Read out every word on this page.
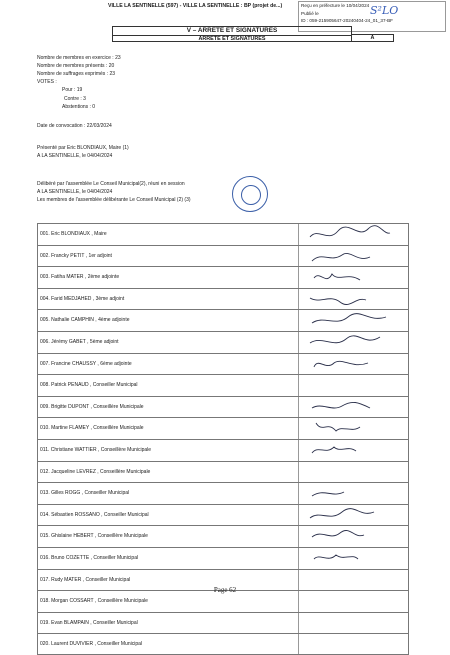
VILLE LA SENTINELLE (597) - VILLE LA SENTINELLE : BP (projet de...)	Reçu en préfecture le 10/04/2024
Publié le
ID : 059-215905647-20240404-24_01_37-BF
S²LO
V – ARRETE ET SIGNATURES
ARRETE ET SIGNATURES	A
Nombre de membres en exercice : 23
Nombre de membres présents : 20
Nombre de suffrages exprimés : 23
VOTES :
Pour : 19
Contre : 3
Abstentions : 0
Date de convocation : 22/03/2024
Présenté par Eric BLONDIAUX, Maire (1)
A LA SENTINELLE, le 04/04/2024
Délibéré par l'assemblée Le Conseil Municipal(2), réuni en session
A LA SENTINELLE, le 04/04/2024
Les membres de l'assemblée délibérante Le Conseil Municipal (2) (3)
001. Eric BLONDIAUX , Maire
002. Francky PETIT , 1er adjoint
003. Fatiha MATER , 2ème adjointe
004. Farid MEDJAHED , 3ème adjoint
005. Nathalie CAMPHIN , 4ème adjointe
006. Jérémy GABET , 5ème adjoint
007. Francine CHAUSSY , 6ème adjointe
008. Patrick PENAUD , Conseiller Municipal
009. Brigitte DUPONT , Conseillère Municipale
010. Martine FLAMEY , Conseillère Municipale
011. Christiane WATTIER , Conseillère Municipale
012. Jacqueline LEVREZ , Conseillère Municipale
013. Gilles ROGG , Conseiller Municipal
014. Sébastien ROSSANO , Conseiller Municipal
015. Ghislaine HEBERT , Conseillère Municipale
016. Bruno COZETTE , Conseiller Municipal
017. Rudy MATER , Conseiller Municipal
018. Morgan COSSART , Conseillère Municipale
019. Evan BLAMPAIN , Conseiller Municipal
020. Laurent DUVIVIER , Conseiller Municipal
Page 62
